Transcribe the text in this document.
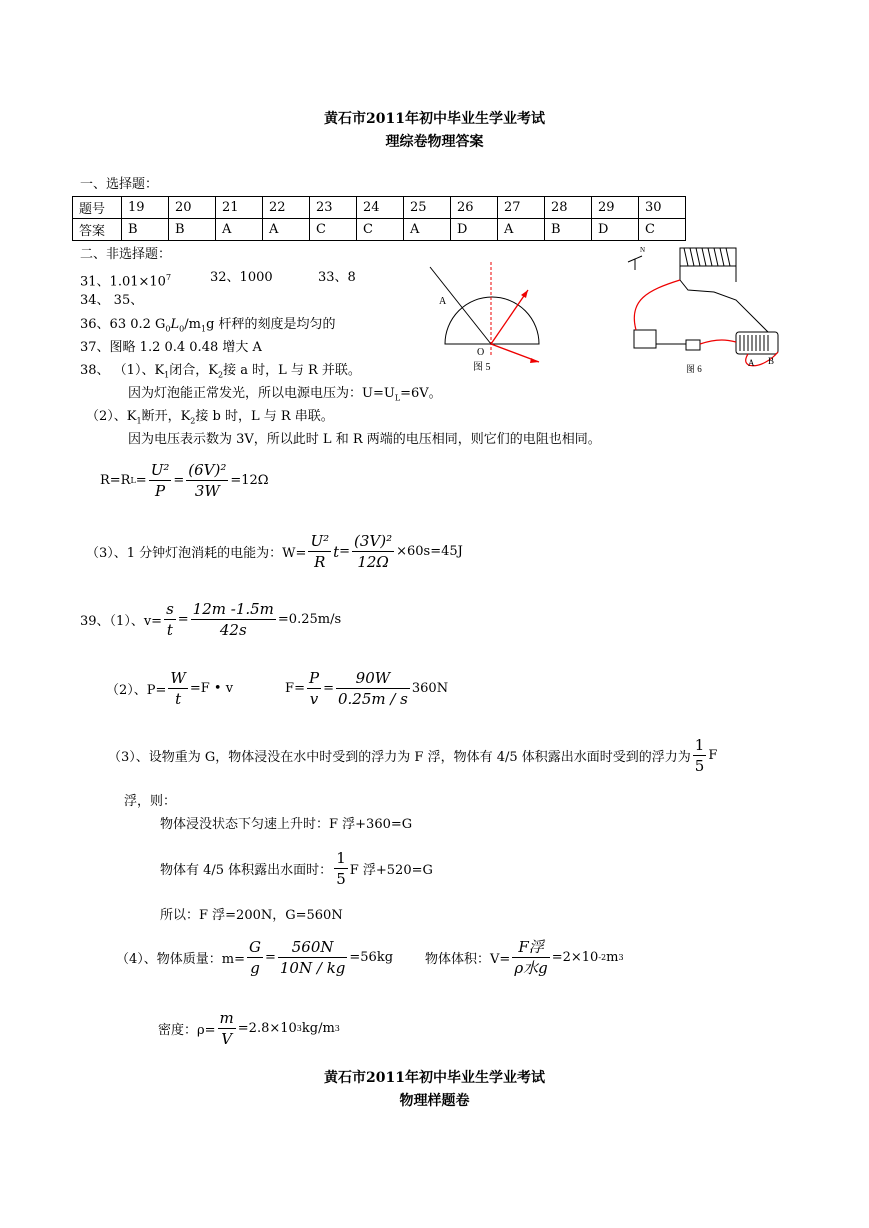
黄石市2011年初中毕业生学业考试
理综卷物理答案
一、选择题：
题号	19	20	21	22	23	24	25	26	27	28	29	30
答案	B	B	A	A	C	C	A	D	A	B	D	C
二、非选择题：
31、$1.01\times 10^7$	32、1000	33、8
34、 35、
36、63 0.2 $G_0L_0/m_1g$ 杆秤的刻度是均匀的
37、图略 1.2 0.4 0.48 增大 A
38、 （1）、$K_1$闭合，$K_2$接 a 时，L 与 R 并联。
因为灯泡能正常发光，所以电源电压为：$U=U_L=6V$。
（2）、$K_1$断开，$K_2$接 b 时，L 与 R 串联。
因为电压表示数为 3V，所以此时 L 和 R 两端的电压相同，则它们的电阻也相同。
R=R $L = \frac{\text{U²}}{P} = \frac{\text{(6V)²}}{3W} =12\Omega$
（3）、1 分钟灯泡消耗的电能为：$W= \frac{\text{U²}}{R}$ $t = \frac{\text{(3V)²}}{12\Omega} \times 60s=45J$
39、（1）、$v= \frac{s}{t} = \frac{12m -1.5m}{42s} =0.25m/s$
（2）、$P= \frac{W}{t} =F$ • v	$F= \frac{P}{v} = \frac{90W}{0.25m / s} 360N$
（3）、设物重为 G，物体浸没在水中时受到的浮力为 F 浮，物体有 4/5 体积露出水面时受到的浮力为 $\frac{1}{5}$ F
浮，则：
物体浸没状态下匀速上升时：F 浮+360=G
物体有 4/5 体积露出水面时： $\frac{1}{5}$ F 浮+520=G
所以：F 浮=200N，G=560N
（4）、物体质量：$m= \frac{G}{g} = \frac{560N}{10N / kg} =56kg$ 物体体积：$V= \frac{\text{F浮}}{\text{ρ水g}} =2\times 10$ -2 m 3
密度：$\rho= \frac{m}{V} =2.8\times 10$ 3 kg/m 3
黄石市2011年初中毕业生学业考试
物理样题卷
A
O
图 5
N
A B
图 6
